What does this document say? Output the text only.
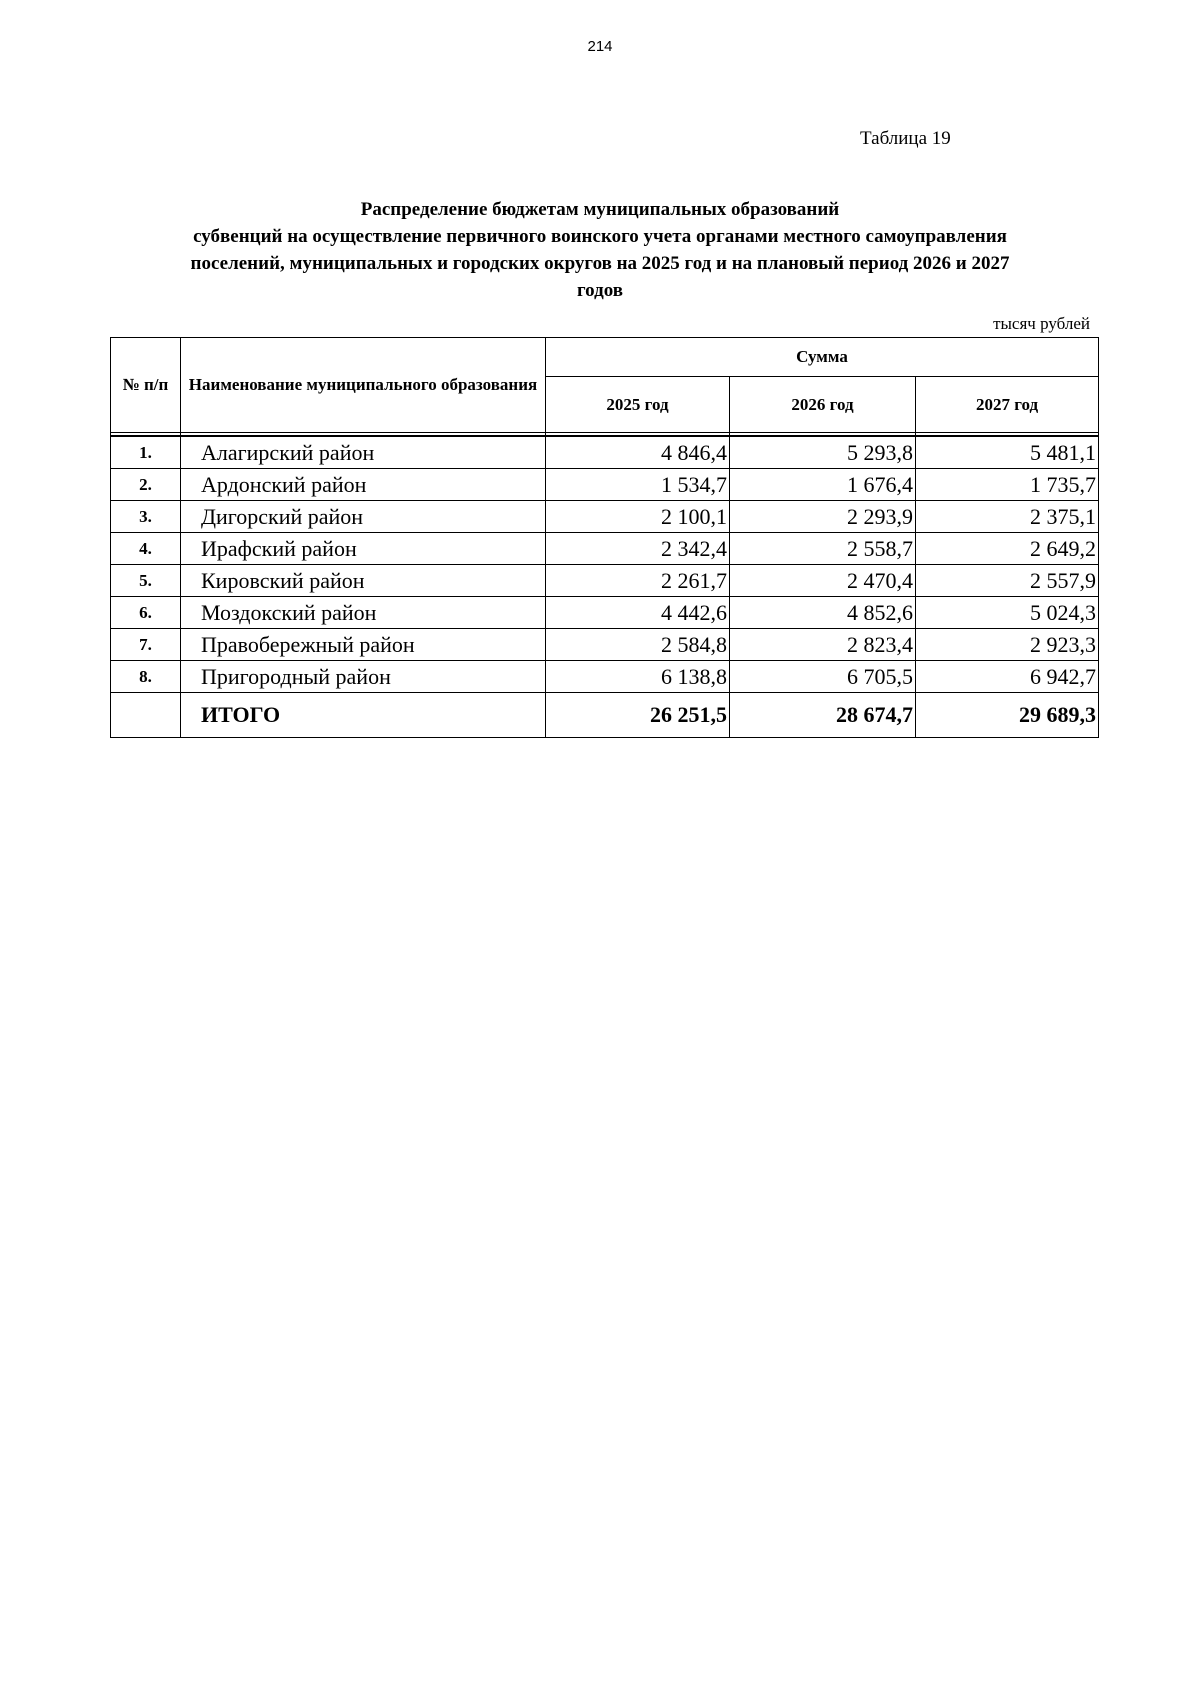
214
Таблица 19
Распределение бюджетам муниципальных образований
субвенций на осуществление первичного воинского учета органами местного самоуправления
поселений, муниципальных и городских округов на 2025 год и на плановый период 2026 и 2027
годов
тысяч рублей
№ п/п	Наименование муниципального образования	Сумма		
		2025 год	2026 год	2027 год

1.	Алагирский район	4 846,4	5 293,8	5 481,1
2.	Ардонский район	1 534,7	1 676,4	1 735,7
3.	Дигорский район	2 100,1	2 293,9	2 375,1
4.	Ирафский район	2 342,4	2 558,7	2 649,2
5.	Кировский район	2 261,7	2 470,4	2 557,9
6.	Моздокский район	4 442,6	4 852,6	5 024,3
7.	Правобережный район	2 584,8	2 823,4	2 923,3
8.	Пригородный район	6 138,8	6 705,5	6 942,7
	ИТОГО	26 251,5	28 674,7	29 689,3
